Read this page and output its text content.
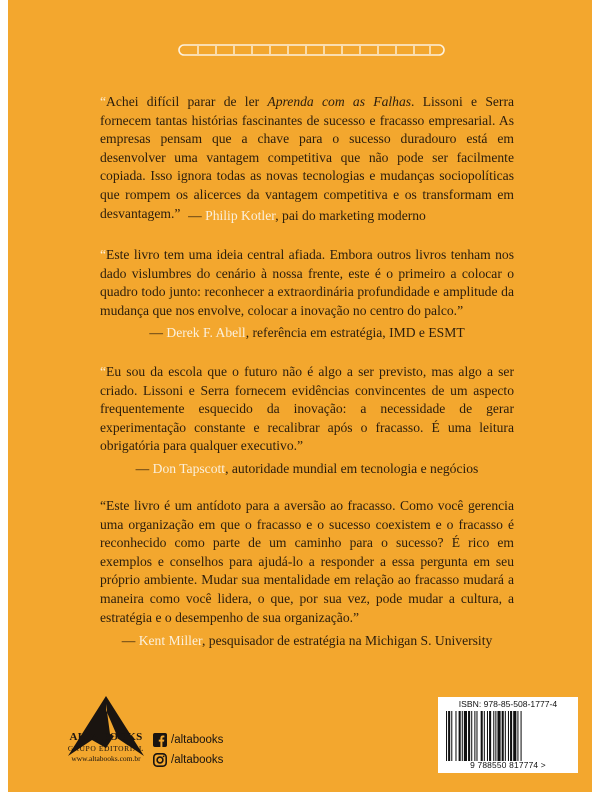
“Achei difícil parar de ler Aprenda com as Falhas. Lissoni e Serra fornecem tantas histórias fascinantes de sucesso e fracasso empresarial. As empresas pensam que a chave para o sucesso duradouro está em desenvolver uma vantagem competitiva que não pode ser facilmente copiada. Isso ignora todas as novas tecnologias e mudanças sociopolíticas que rompem os alicerces da vantagem competitiva e os transformam em desvantagem.” — Philip Kotler, pai do marketing moderno

“Este livro tem uma ideia central afiada. Embora outros livros tenham nos dado vislumbres do cenário à nossa frente, este é o primeiro a colocar o quadro todo junto: reconhecer a extraordinária profundidade e amplitude da mudança que nos envolve, colocar a inovação no centro do palco.”

— Derek F. Abell, referência em estratégia, IMD e ESMT

“Eu sou da escola que o futuro não é algo a ser previsto, mas algo a ser criado. Lissoni e Serra fornecem evidências convincentes de um aspecto frequentemente esquecido da inovação: a necessidade de gerar experimentação constante e recalibrar após o fracasso. É uma leitura obrigatória para qualquer executivo.”

— Don Tapscott, autoridade mundial em tecnologia e negócios

“Este livro é um antídoto para a aversão ao fracasso. Como você gerencia uma organização em que o fracasso e o sucesso coexistem e o fracasso é reconhecido como parte de um caminho para o sucesso? É rico em exemplos e conselhos para ajudá-lo a responder a essa pergunta em seu próprio ambiente. Mudar sua mentalidade em relação ao fracasso mudará a maneira como você lidera, o que, por sua vez, pode mudar a cultura, a estratégia e o desempenho de sua organização.”

— Kent Miller, pesquisador de estratégia na Michigan S. University
ALTA BOOKS
GRUPO EDITORIAL
www.altabooks.com.br
/altabooks
/altabooks
ISBN: 978-85-508-1777-4
9 788550 817774 >
